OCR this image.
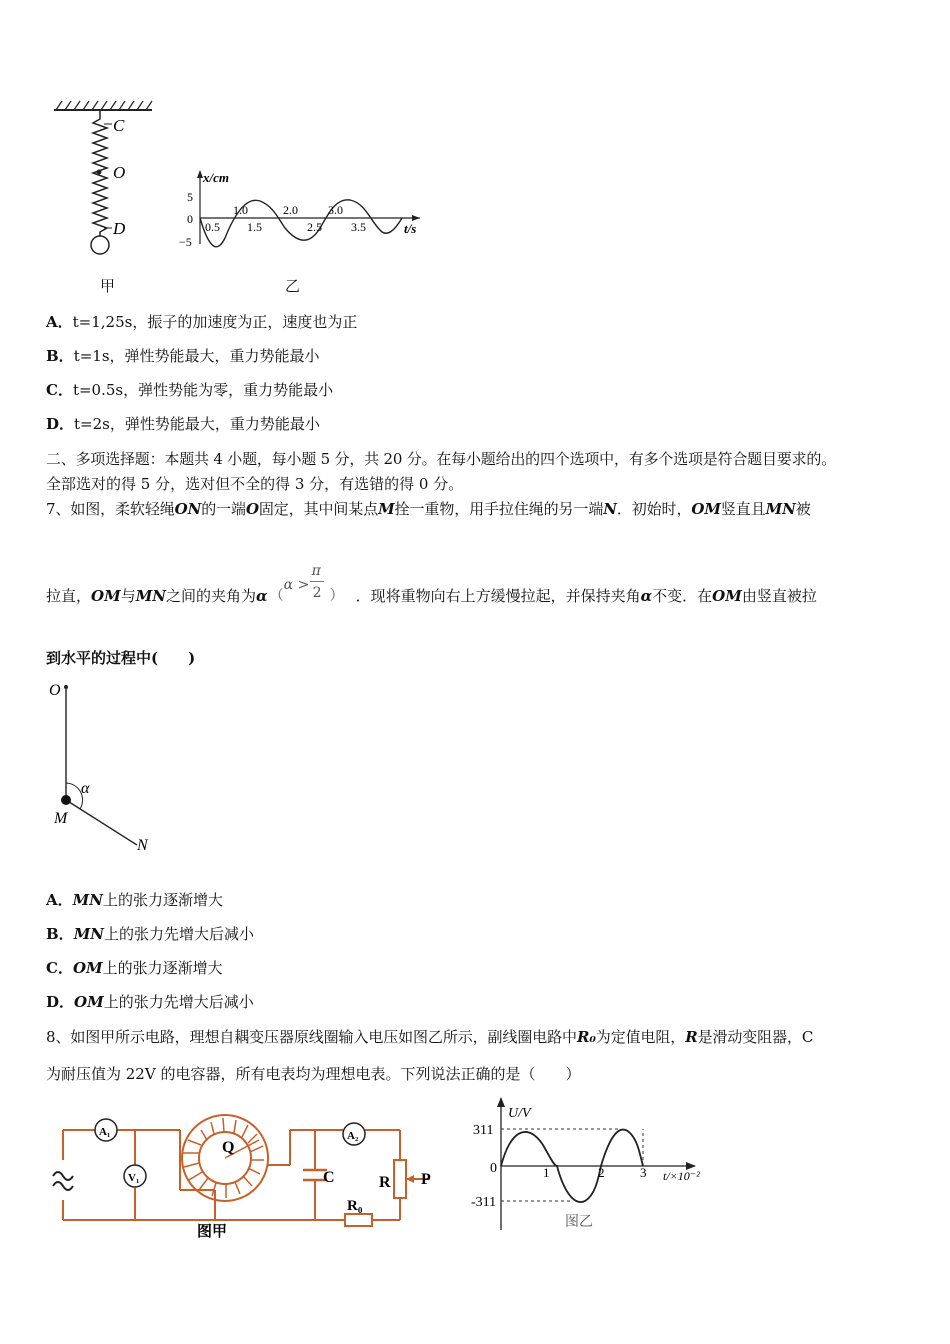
C
O
D
x/cm
5
0
−5
1.0	2.0	3.0
0.5 1.5	2.5 3.5	t/s
甲	乙
A．t=1,25s，振子的加速度为正，速度也为正
B．t=1s，弹性势能最大，重力势能最小
C．t=0.5s，弹性势能为零，重力势能最小
D．t=2s，弹性势能最大，重力势能最小
二、多项选择题：本题共 4 小题，每小题 5 分，共 20 分。在每小题给出的四个选项中，有多个选项是符合题目要求的。
全部选对的得 5 分，选对但不全的得 3 分，有选错的得 0 分。
7、如图，柔软轻绳ON的一端O固定，其中间某点M拴一重物，用手拉住绳的另一端N．初始时，OM竖直且MN被
拉直，OM与MN之间的夹角为α （
α >
π
2 ） ．现将重物向右上方缓慢拉起，并保持夹角α不变．在OM由竖直被拉
到水平的过程中(　　)
O
α
M
N
A．MN上的张力逐渐增大
B．MN上的张力先增大后减小
C．OM上的张力逐渐增大
D．OM上的张力先增大后减小
8、如图甲所示电路，理想自耦变压器原线圈输入电压如图乙所示，副线圈电路中R₀为定值电阻，R是滑动变阻器，C
为耐压值为 22V 的电容器，所有电表均为理想电表。下列说法正确的是（　　）
A₁
V₁
A₂
Q
C	R P
R₀
图甲
U/V
311
0
-311
1	2	3 t/×10⁻²
图乙
